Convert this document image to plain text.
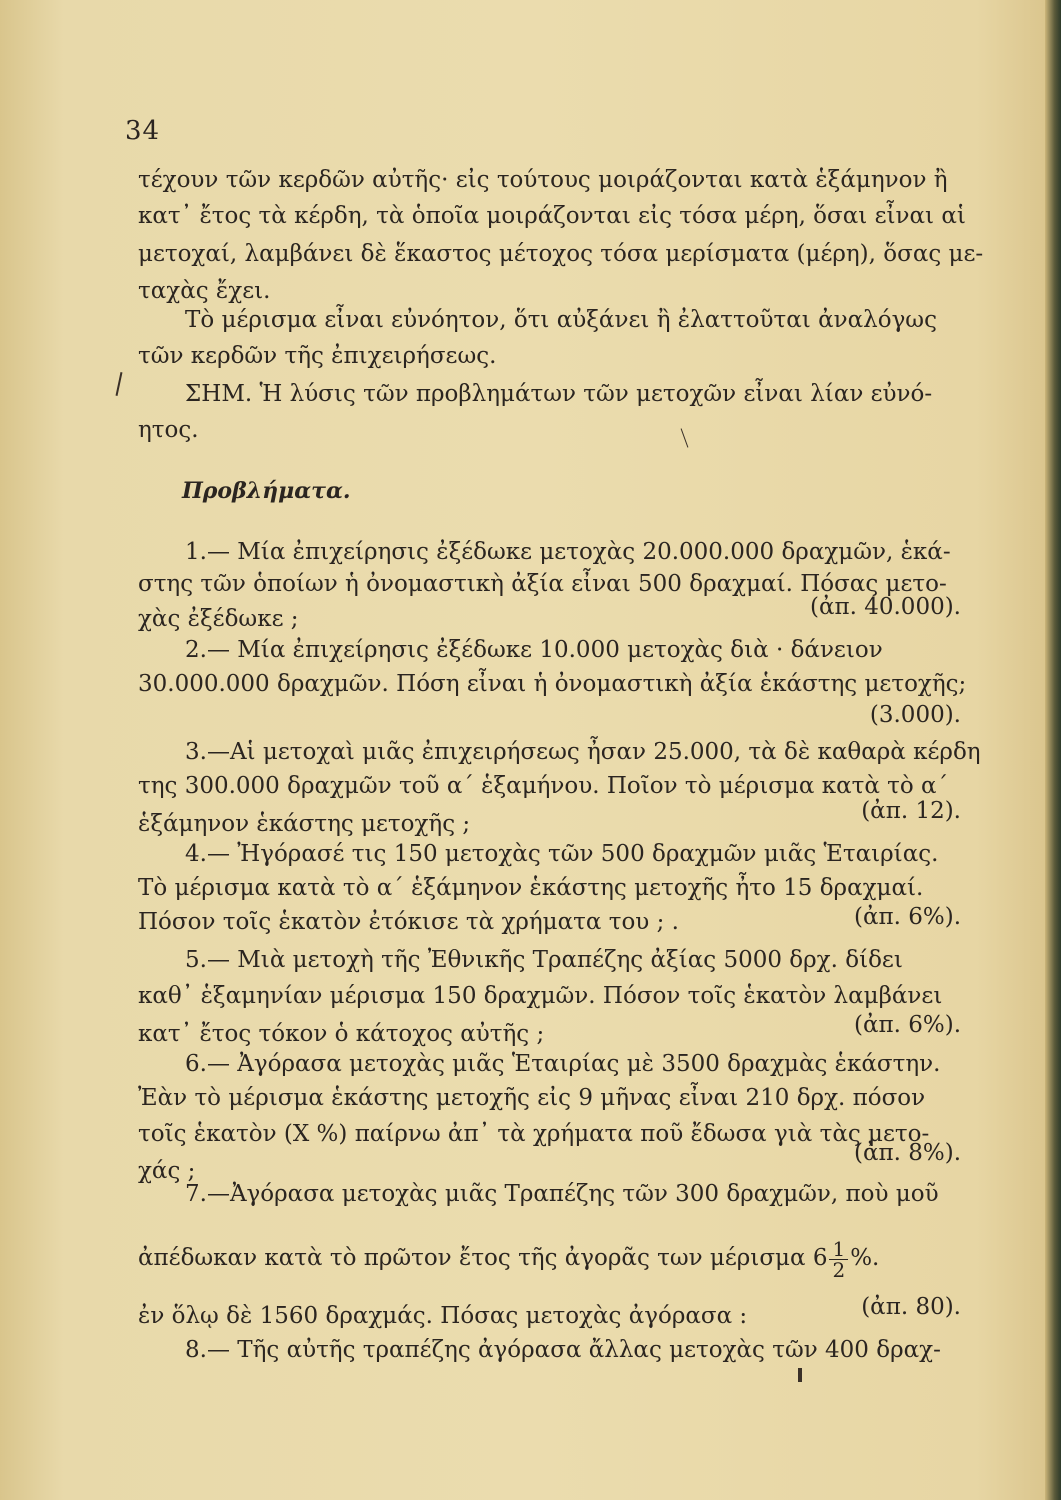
34
τέχουν τῶν κερδῶν αὐτῆς· εἰς τούτους μοιράζονται κατὰ ἑξάμηνον ἢ
κατ᾽ ἔτος τὰ κέρδη, τὰ ὁποῖα μοιράζονται εἰς τόσα μέρη, ὅσαι εἶναι αἱ
μετοχαί, λαμβάνει δὲ ἕκαστος μέτοχος τόσα μερίσματα (μέρη), ὅσας με-
ταχὰς ἔχει.
Τὸ μέρισμα εἶναι εὐνόητον, ὅτι αὐξάνει ἢ ἐλαττοῦται ἀναλόγως
τῶν κερδῶν τῆς ἐπιχειρήσεως.
ΣΗΜ. Ἡ λύσις τῶν προβλημάτων τῶν μετοχῶν εἶναι λίαν εὐνό-
ητος.
Προβλήματα.
1.— Μία ἐπιχείρησις ἐξέδωκε μετοχὰς 20.000.000 δραχμῶν, ἑκά-
στης τῶν ὁποίων ἡ ὀνομαστικὴ ἀξία εἶναι 500 δραχμαί. Πόσας μετο-
χὰς ἐξέδωκε ;	(ἀπ. 40.000).
2.— Μία ἐπιχείρησις ἐξέδωκε 10.000 μετοχὰς διὰ · δάνειον
30.000.000 δραχμῶν. Πόση εἶναι ἡ ὀνομαστικὴ ἀξία ἑκάστης μετοχῆς;
(3.000).
3.—Αἱ μετοχαὶ μιᾶς ἐπιχειρήσεως ἦσαν 25.000, τὰ δὲ καθαρὰ κέρδη
της 300.000 δραχμῶν τοῦ α΄ ἑξαμήνου. Ποῖον τὸ μέρισμα κατὰ τὸ α΄
ἑξάμηνον ἑκάστης μετοχῆς ;	(ἀπ. 12).
4.— Ἠγόρασέ τις 150 μετοχὰς τῶν 500 δραχμῶν μιᾶς Ἑταιρίας.
Τὸ μέρισμα κατὰ τὸ α΄ ἑξάμηνον ἑκάστης μετοχῆς ἦτο 15 δραχμαί.
Πόσον τοῖς ἑκατὸν ἐτόκισε τὰ χρήματα του ; .	(ἀπ. 6%).
5.— Μιὰ μετοχὴ τῆς Ἐθνικῆς Τραπέζης ἀξίας 5000 δρχ. δίδει
καθ᾽ ἑξαμηνίαν μέρισμα 150 δραχμῶν. Πόσον τοῖς ἑκατὸν λαμβάνει
κατ᾽ ἔτος τόκον ὁ κάτοχος αὐτῆς ;	(ἀπ. 6%).
6.— Ἀγόρασα μετοχὰς μιᾶς Ἑταιρίας μὲ 3500 δραχμὰς ἑκάστην.
Ἐὰν τὸ μέρισμα ἑκάστης μετοχῆς εἰς 9 μῆνας εἶναι 210 δρχ. πόσον
τοῖς ἑκατὸν (X %) παίρνω ἀπ᾽ τὰ χρήματα ποῦ ἔδωσα γιὰ τὰς μετο-
χάς ;
(ἀπ. 8%).
7.—Ἀγόρασα μετοχὰς μιᾶς Τραπέζης τῶν 300 δραχμῶν, ποὺ μοῦ
ἀπέδωκαν κατὰ τὸ πρῶτον ἔτος τῆς ἀγορᾶς των μέρισμα $6 \frac{1}{2}$ %.
ἐν ὅλῳ δὲ 1560 δραχμάς. Πόσας μετοχὰς ἀγόρασα :	(ἀπ. 80).
8.— Τῆς αὐτῆς τραπέζης ἀγόρασα ἄλλας μετοχὰς τῶν 400 δραχ-
